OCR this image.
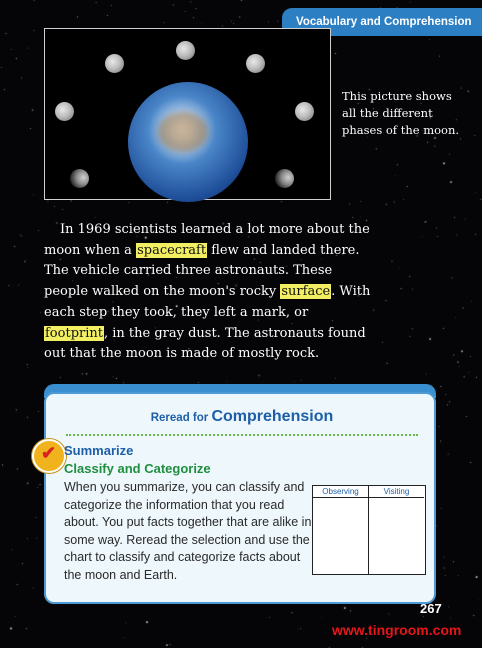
Vocabulary and Comprehension
This picture shows all the different phases of the moon.
In 1969 scientists learned a lot more about the moon when a spacecraft flew and landed there. The vehicle carried three astronauts. These people walked on the moon's rocky surface. With each step they took, they left a mark, or footprint, in the gray dust. The astronauts found out that the moon is made of mostly rock.
Reread for Comprehension
✔
Summarize
Classify and Categorize
When you summarize, you can classify and categorize the information that you read about. You put facts together that are alike in some way. Reread the selection and use the chart to classify and categorize facts about the moon and Earth.
Observing	Visiting
267
www.tingroom.com
